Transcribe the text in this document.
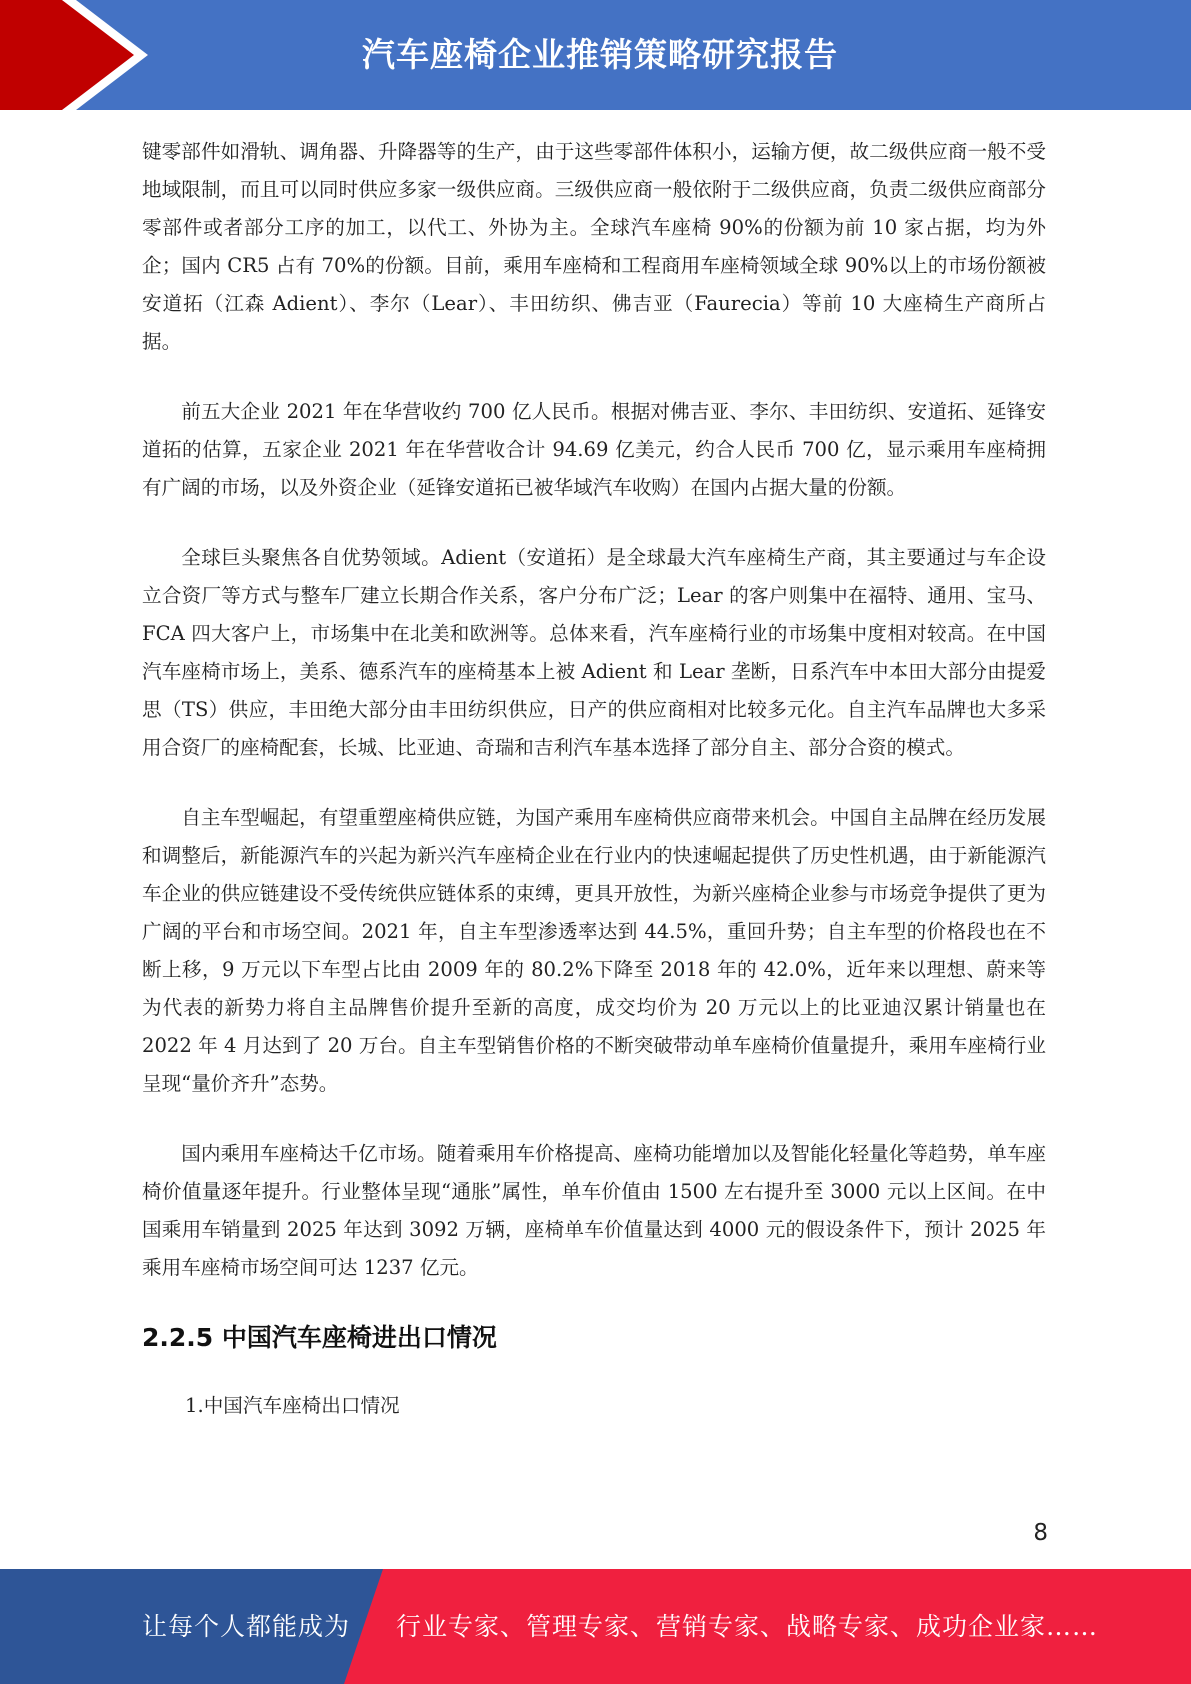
汽车座椅企业推销策略研究报告

键零部件如滑轨、调角器、升降器等的生产，由于这些零部件体积小，运输方便，故二级供应商一般不受地域限制，而且可以同时供应多家一级供应商。三级供应商一般依附于二级供应商，负责二级供应商部分零部件或者部分工序的加工，以代工、外协为主。全球汽车座椅 90%的份额为前 10 家占据，均为外企；国内 CR5 占有 70%的份额。目前，乘用车座椅和工程商用车座椅领域全球 90%以上的市场份额被安道拓（江森 Adient）、李尔（Lear）、丰田纺织、佛吉亚（Faurecia）等前 10 大座椅生产商所占据。

前五大企业 2021 年在华营收约 700 亿人民币。根据对佛吉亚、李尔、丰田纺织、安道拓、延锋安道拓的估算，五家企业 2021 年在华营收合计 94.69 亿美元，约合人民币 700 亿，显示乘用车座椅拥有广阔的市场，以及外资企业（延锋安道拓已被华域汽车收购）在国内占据大量的份额。

全球巨头聚焦各自优势领域。Adient（安道拓）是全球最大汽车座椅生产商，其主要通过与车企设立合资厂等方式与整车厂建立长期合作关系，客户分布广泛；Lear 的客户则集中在福特、通用、宝马、FCA 四大客户上，市场集中在北美和欧洲等。总体来看，汽车座椅行业的市场集中度相对较高。在中国汽车座椅市场上，美系、德系汽车的座椅基本上被 Adient 和 Lear 垄断，日系汽车中本田大部分由提爱思（TS）供应，丰田绝大部分由丰田纺织供应，日产的供应商相对比较多元化。自主汽车品牌也大多采用合资厂的座椅配套，长城、比亚迪、奇瑞和吉利汽车基本选择了部分自主、部分合资的模式。

自主车型崛起，有望重塑座椅供应链，为国产乘用车座椅供应商带来机会。中国自主品牌在经历发展和调整后，新能源汽车的兴起为新兴汽车座椅企业在行业内的快速崛起提供了历史性机遇，由于新能源汽车企业的供应链建设不受传统供应链体系的束缚，更具开放性，为新兴座椅企业参与市场竞争提供了更为广阔的平台和市场空间。2021 年，自主车型渗透率达到 44.5%，重回升势；自主车型的价格段也在不断上移，9 万元以下车型占比由 2009 年的 80.2%下降至 2018 年的 42.0%，近年来以理想、蔚来等为代表的新势力将自主品牌售价提升至新的高度，成交均价为 20 万元以上的比亚迪汉累计销量也在 2022 年 4 月达到了 20 万台。自主车型销售价格的不断突破带动单车座椅价值量提升，乘用车座椅行业呈现“量价齐升”态势。

国内乘用车座椅达千亿市场。随着乘用车价格提高、座椅功能增加以及智能化轻量化等趋势，单车座椅价值量逐年提升。行业整体呈现“通胀”属性，单车价值由 1500 左右提升至 3000 元以上区间。在中国乘用车销量到 2025 年达到 3092 万辆，座椅单车价值量达到 4000 元的假设条件下，预计 2025 年乘用车座椅市场空间可达 1237 亿元。

2.2.5 中国汽车座椅进出口情况

1.中国汽车座椅出口情况

8
让每个人都能成为 行业专家、管理专家、营销专家、战略专家、成功企业家……
